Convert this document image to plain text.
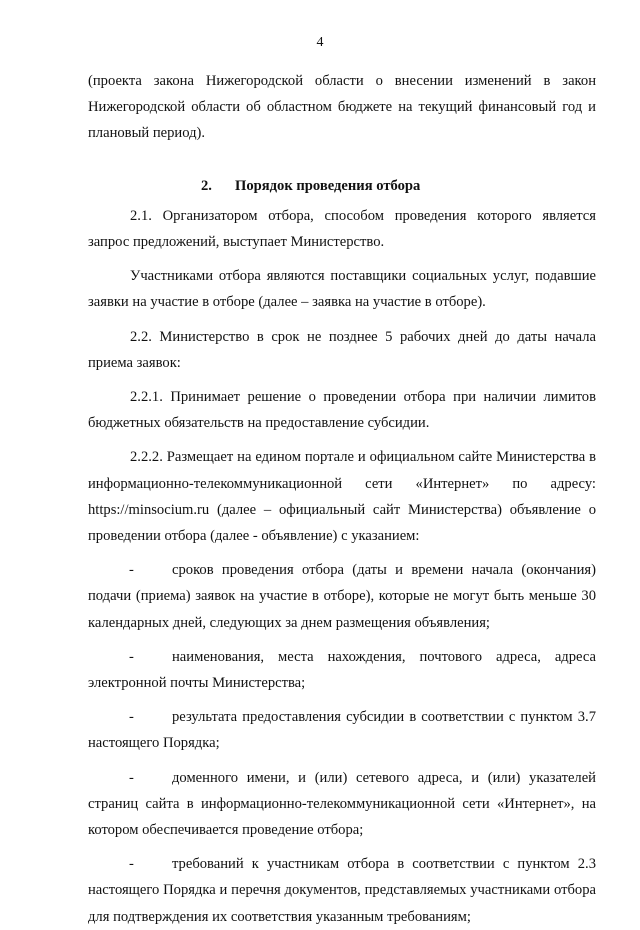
4

(проекта закона Нижегородской области о внесении изменений в закон Нижегородской области об областном бюджете на текущий финансовый год и плановый период).

2. Порядок проведения отбора

2.1. Организатором отбора, способом проведения которого является запрос предложений, выступает Министерство.

Участниками отбора являются поставщики социальных услуг, подавшие заявки на участие в отборе (далее – заявка на участие в отборе).

2.2. Министерство в срок не позднее 5 рабочих дней до даты начала приема заявок:

2.2.1. Принимает решение о проведении отбора при наличии лимитов бюджетных обязательств на предоставление субсидии.

2.2.2. Размещает на едином портале и официальном сайте Министерства в информационно-телекоммуникационной сети «Интернет» по адресу: https://minsocium.ru (далее – официальный сайт Министерства) объявление о проведении отбора (далее - объявление) с указанием:

-	сроков проведения отбора (даты и времени начала (окончания) подачи (приема) заявок на участие в отборе), которые не могут быть меньше 30 календарных дней, следующих за днем размещения объявления;

-	наименования, места нахождения, почтового адреса, адреса электронной почты Министерства;

-	результата предоставления субсидии в соответствии с пунктом 3.7 настоящего Порядка;

-	доменного имени, и (или) сетевого адреса, и (или) указателей страниц сайта в информационно-телекоммуникационной сети «Интернет», на котором обеспечивается проведение отбора;

-	требований к участникам отбора в соответствии с пунктом 2.3 настоящего Порядка и перечня документов, представляемых участниками отбора для подтверждения их соответствия указанным требованиям;
